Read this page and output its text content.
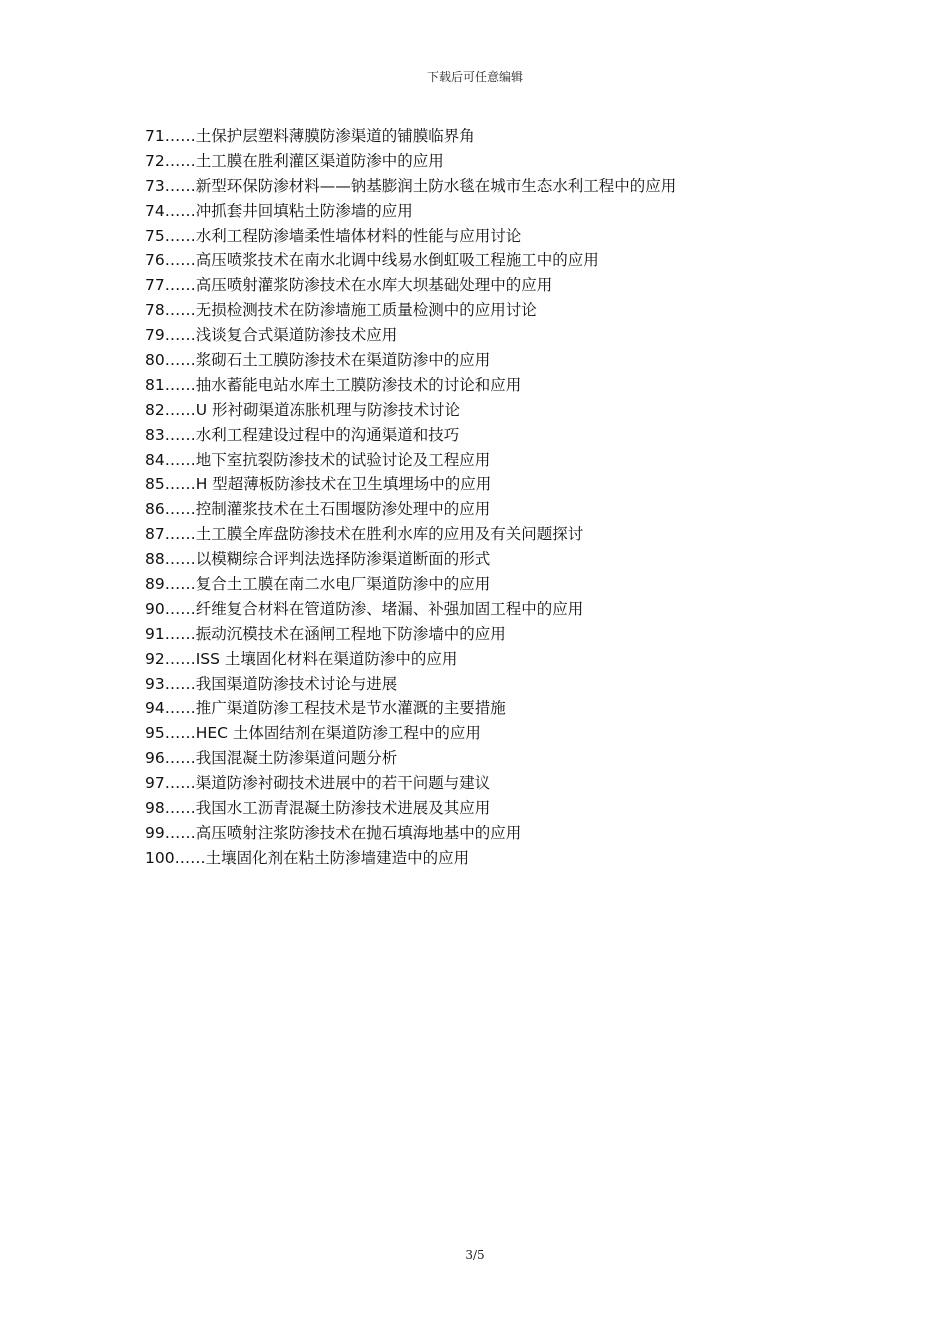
下载后可任意编辑
71……土保护层塑料薄膜防渗渠道的铺膜临界角
72……土工膜在胜利灌区渠道防渗中的应用
73……新型环保防渗材料——钠基膨润土防水毯在城市生态水利工程中的应用
74……冲抓套井回填粘土防渗墙的应用
75……水利工程防渗墙柔性墙体材料的性能与应用讨论
76……高压喷浆技术在南水北调中线易水倒虹吸工程施工中的应用
77……高压喷射灌浆防渗技术在水库大坝基础处理中的应用
78……无损检测技术在防渗墙施工质量检测中的应用讨论
79……浅谈复合式渠道防渗技术应用
80……浆砌石土工膜防渗技术在渠道防渗中的应用
81……抽水蓄能电站水库土工膜防渗技术的讨论和应用
82……U 形衬砌渠道冻胀机理与防渗技术讨论
83……水利工程建设过程中的沟通渠道和技巧
84……地下室抗裂防渗技术的试验讨论及工程应用
85……H 型超薄板防渗技术在卫生填埋场中的应用
86……控制灌浆技术在土石围堰防渗处理中的应用
87……土工膜全库盘防渗技术在胜利水库的应用及有关问题探讨
88……以模糊综合评判法选择防渗渠道断面的形式
89……复合土工膜在南二水电厂渠道防渗中的应用
90……纤维复合材料在管道防渗、堵漏、补强加固工程中的应用
91……振动沉模技术在涵闸工程地下防渗墙中的应用
92……ISS 土壤固化材料在渠道防渗中的应用
93……我国渠道防渗技术讨论与进展
94……推广渠道防渗工程技术是节水灌溉的主要措施
95……HEC 土体固结剂在渠道防渗工程中的应用
96……我国混凝土防渗渠道问题分析
97……渠道防渗衬砌技术进展中的若干问题与建议
98……我国水工沥青混凝土防渗技术进展及其应用
99……高压喷射注浆防渗技术在抛石填海地基中的应用
100……土壤固化剂在粘土防渗墙建造中的应用
3/5
